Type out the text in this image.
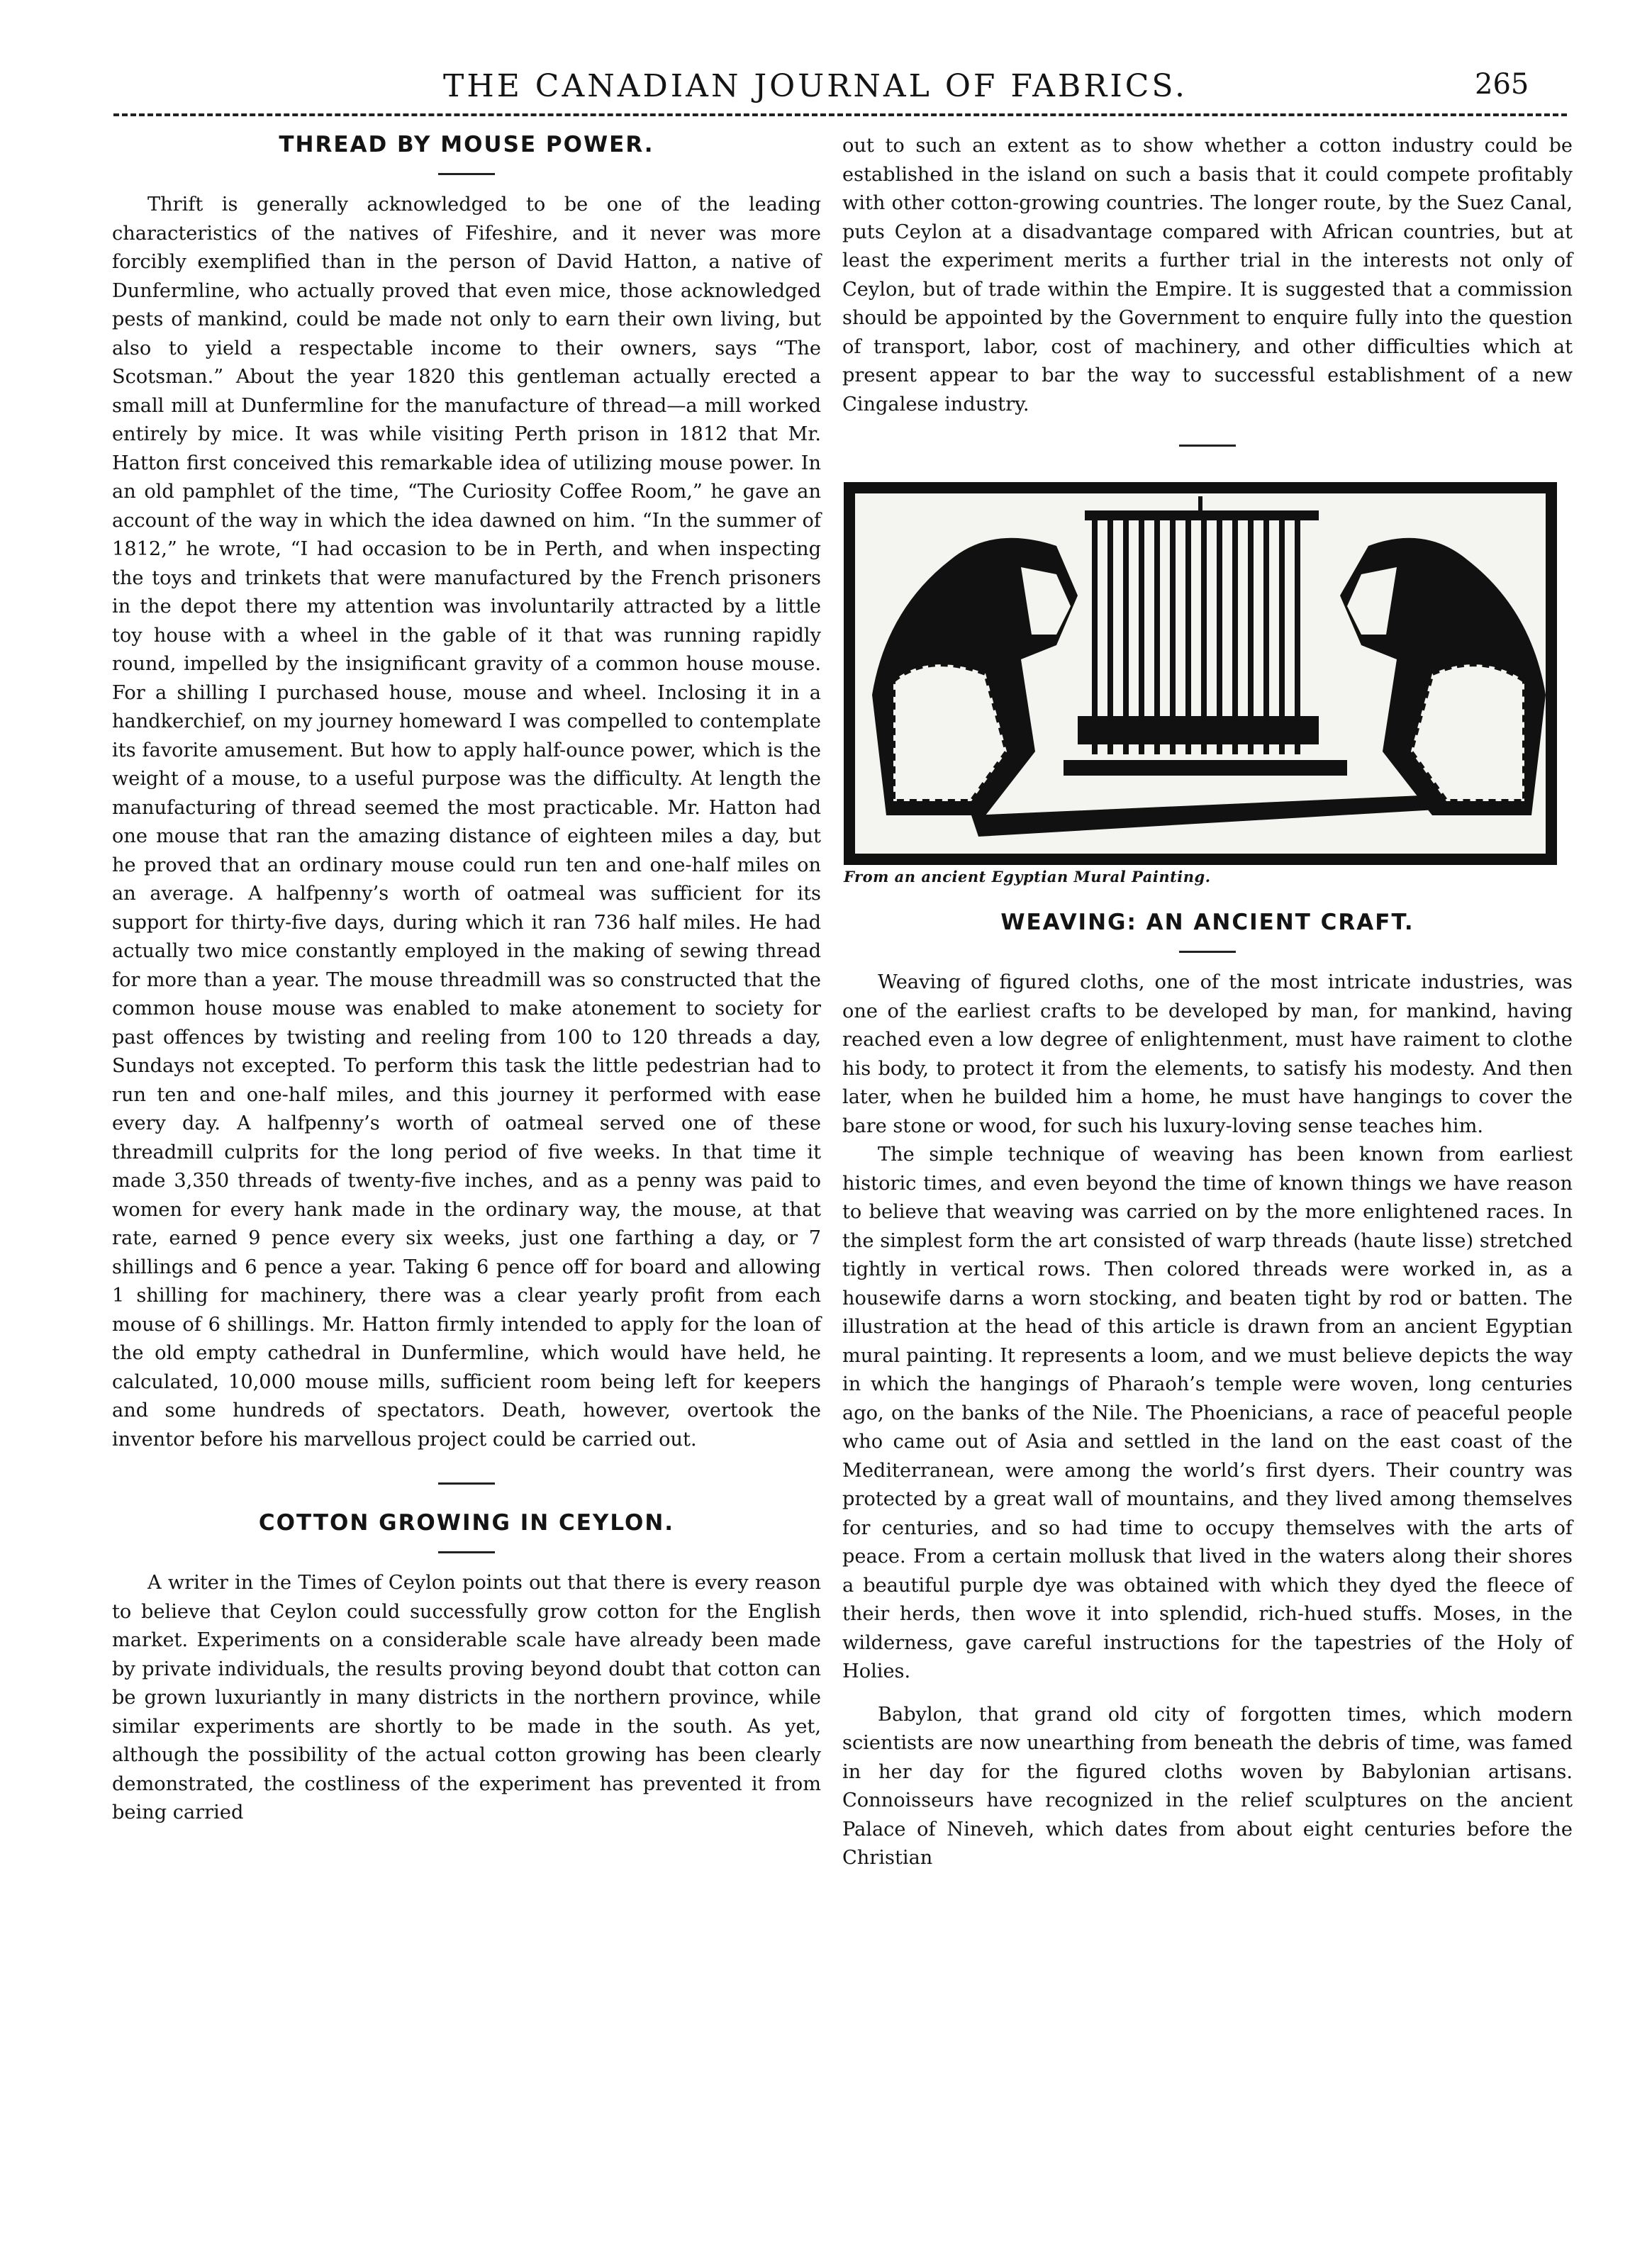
THE CANADIAN JOURNAL OF FABRICS.	265
THREAD BY MOUSE POWER.

Thrift is generally acknowledged to be one of the leading characteristics of the natives of Fifeshire, and it never was more forcibly exemplified than in the person of David Hatton, a native of Dunfermline, who actually proved that even mice, those acknowledged pests of mankind, could be made not only to earn their own living, but also to yield a respectable income to their owners, says “The Scotsman.” About the year 1820 this gentleman actually erected a small mill at Dunfermline for the manufacture of thread—a mill worked entirely by mice. It was while visiting Perth prison in 1812 that Mr. Hatton first conceived this remarkable idea of utilizing mouse power. In an old pamphlet of the time, “The Curiosity Coffee Room,” he gave an account of the way in which the idea dawned on him. “In the summer of 1812,” he wrote, “I had occasion to be in Perth, and when inspecting the toys and trinkets that were manufactured by the French prisoners in the depot there my attention was involuntarily attracted by a little toy house with a wheel in the gable of it that was running rapidly round, impelled by the insignificant gravity of a common house mouse. For a shilling I purchased house, mouse and wheel. Inclosing it in a handkerchief, on my journey homeward I was compelled to contemplate its favorite amusement. But how to apply half-ounce power, which is the weight of a mouse, to a useful purpose was the difficulty. At length the manufacturing of thread seemed the most practicable. Mr. Hatton had one mouse that ran the amazing distance of eighteen miles a day, but he proved that an ordinary mouse could run ten and one-half miles on an average. A halfpenny’s worth of oatmeal was sufficient for its support for thirty-five days, during which it ran 736 half miles. He had actually two mice constantly employed in the making of sewing thread for more than a year. The mouse threadmill was so constructed that the common house mouse was enabled to make atonement to society for past offences by twisting and reeling from 100 to 120 threads a day, Sundays not excepted. To perform this task the little pedestrian had to run ten and one-half miles, and this journey it performed with ease every day. A halfpenny’s worth of oatmeal served one of these threadmill culprits for the long period of five weeks. In that time it made 3,350 threads of twenty-five inches, and as a penny was paid to women for every hank made in the ordinary way, the mouse, at that rate, earned 9 pence every six weeks, just one farthing a day, or 7 shillings and 6 pence a year. Taking 6 pence off for board and allowing 1 shilling for machinery, there was a clear yearly profit from each mouse of 6 shillings. Mr. Hatton firmly intended to apply for the loan of the old empty cathedral in Dunfermline, which would have held, he calculated, 10,000 mouse mills, sufficient room being left for keepers and some hundreds of spectators. Death, however, overtook the inventor before his marvellous project could be carried out.

COTTON GROWING IN CEYLON.

A writer in the Times of Ceylon points out that there is every reason to believe that Ceylon could successfully grow cotton for the English market. Experiments on a considerable scale have already been made by private individuals, the results proving beyond doubt that cotton can be grown luxuriantly in many districts in the northern province, while similar experiments are shortly to be made in the south. As yet, although the possibility of the actual cotton growing has been clearly demonstrated, the costliness of the experiment has prevented it from being carried

out to such an extent as to show whether a cotton industry could be established in the island on such a basis that it could compete profitably with other cotton-growing countries. The longer route, by the Suez Canal, puts Ceylon at a disadvantage compared with African countries, but at least the experiment merits a further trial in the interests not only of Ceylon, but of trade within the Empire. It is suggested that a commission should be appointed by the Government to enquire fully into the question of transport, labor, cost of machinery, and other difficulties which at present appear to bar the way to successful establishment of a new Cingalese industry.

From an ancient Egyptian Mural Painting.

WEAVING: AN ANCIENT CRAFT.

Weaving of figured cloths, one of the most intricate industries, was one of the earliest crafts to be developed by man, for mankind, having reached even a low degree of enlightenment, must have raiment to clothe his body, to protect it from the elements, to satisfy his modesty. And then later, when he builded him a home, he must have hangings to cover the bare stone or wood, for such his luxury-loving sense teaches him.

The simple technique of weaving has been known from earliest historic times, and even beyond the time of known things we have reason to believe that weaving was carried on by the more enlightened races. In the simplest form the art consisted of warp threads (haute lisse) stretched tightly in vertical rows. Then colored threads were worked in, as a housewife darns a worn stocking, and beaten tight by rod or batten. The illustration at the head of this article is drawn from an ancient Egyptian mural painting. It represents a loom, and we must believe depicts the way in which the hangings of Pharaoh’s temple were woven, long centuries ago, on the banks of the Nile. The Phoenicians, a race of peaceful people who came out of Asia and settled in the land on the east coast of the Mediterranean, were among the world’s first dyers. Their country was protected by a great wall of mountains, and they lived among themselves for centuries, and so had time to occupy themselves with the arts of peace. From a certain mollusk that lived in the waters along their shores a beautiful purple dye was obtained with which they dyed the fleece of their herds, then wove it into splendid, rich-hued stuffs. Moses, in the wilderness, gave careful instructions for the tapestries of the Holy of Holies.

Babylon, that grand old city of forgotten times, which modern scientists are now unearthing from beneath the debris of time, was famed in her day for the figured cloths woven by Babylonian artisans. Connoisseurs have recognized in the relief sculptures on the ancient Palace of Nineveh, which dates from about eight centuries before the Christian
